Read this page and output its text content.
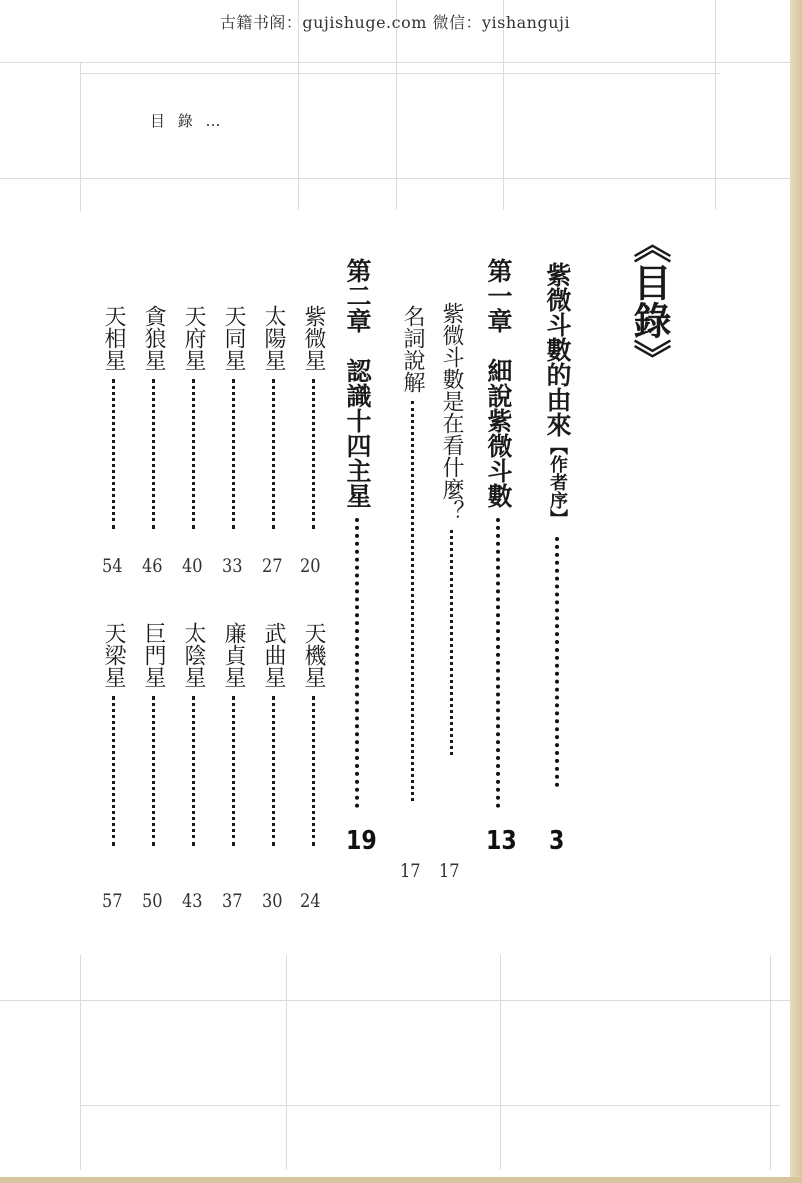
古籍书阁：gujishuge.com 微信：yishanguji
目 錄 …
《目錄》
紫微斗數的由來【作者序】
3
第一章　細說紫微斗數
13
紫微斗數是在看什麼？
17
名詞說解
17
第二章　認識十四主星
19
紫微星
20
太陽星
27
天同星
33
天府星
40
貪狼星
46
天相星
54
天機星
24
武曲星
30
廉貞星
37
太陰星
43
巨門星
50
天梁星
57
